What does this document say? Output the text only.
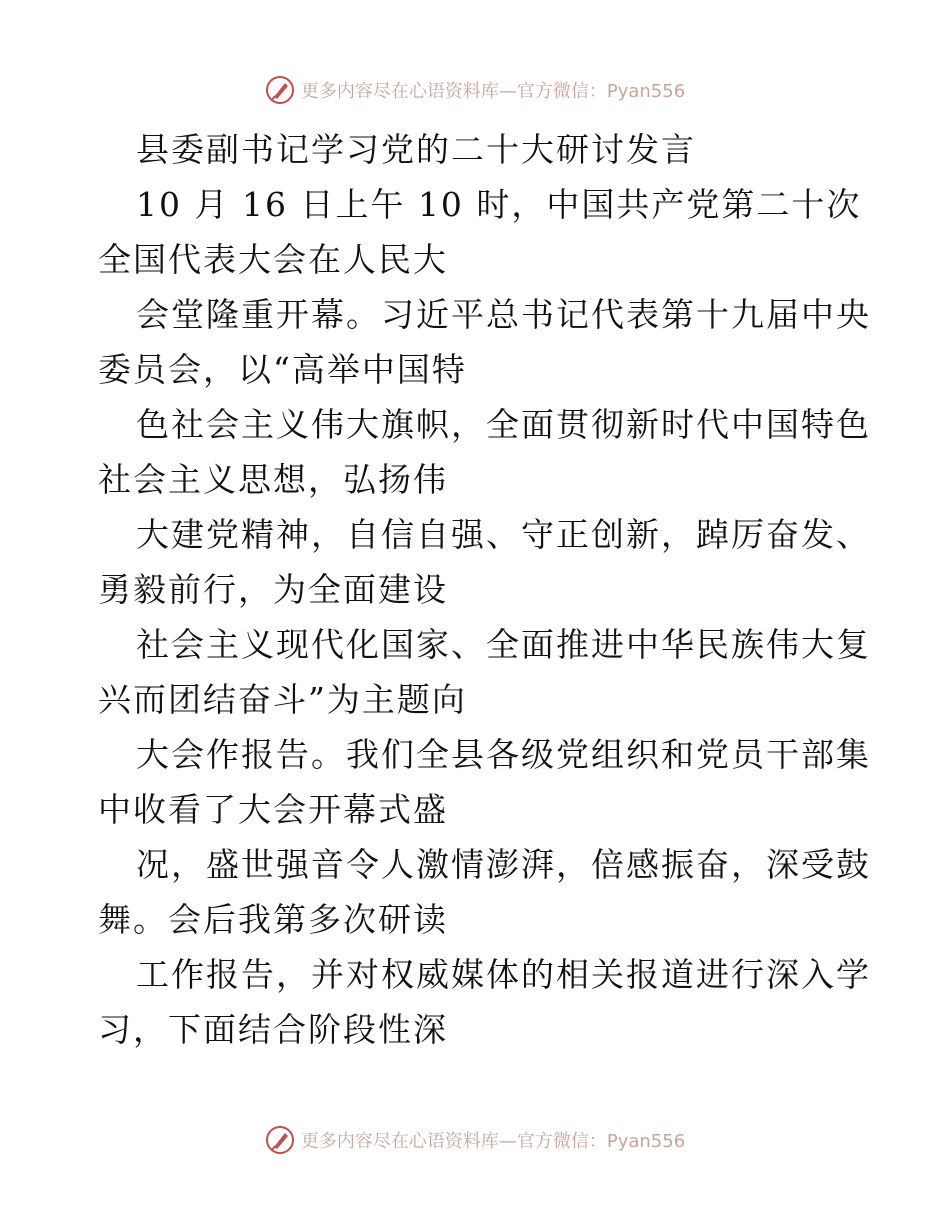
更多内容尽在心语资料库—官方微信：Pyan556
县委副书记学习党的二十大研讨发言
10 月 16 日上午 10 时，中国共产党第二十次
全国代表大会在人民大
会堂隆重开幕。习近平总书记代表第十九届中央
委员会，以“高举中国特
色社会主义伟大旗帜，全面贯彻新时代中国特色
社会主义思想，弘扬伟
大建党精神，自信自强、守正创新，踔厉奋发、
勇毅前行，为全面建设
社会主义现代化国家、全面推进中华民族伟大复
兴而团结奋斗”为主题向
大会作报告。我们全县各级党组织和党员干部集
中收看了大会开幕式盛
况，盛世强音令人激情澎湃，倍感振奋，深受鼓
舞。会后我第多次研读
工作报告，并对权威媒体的相关报道进行深入学
习，下面结合阶段性深
更多内容尽在心语资料库—官方微信：Pyan556
